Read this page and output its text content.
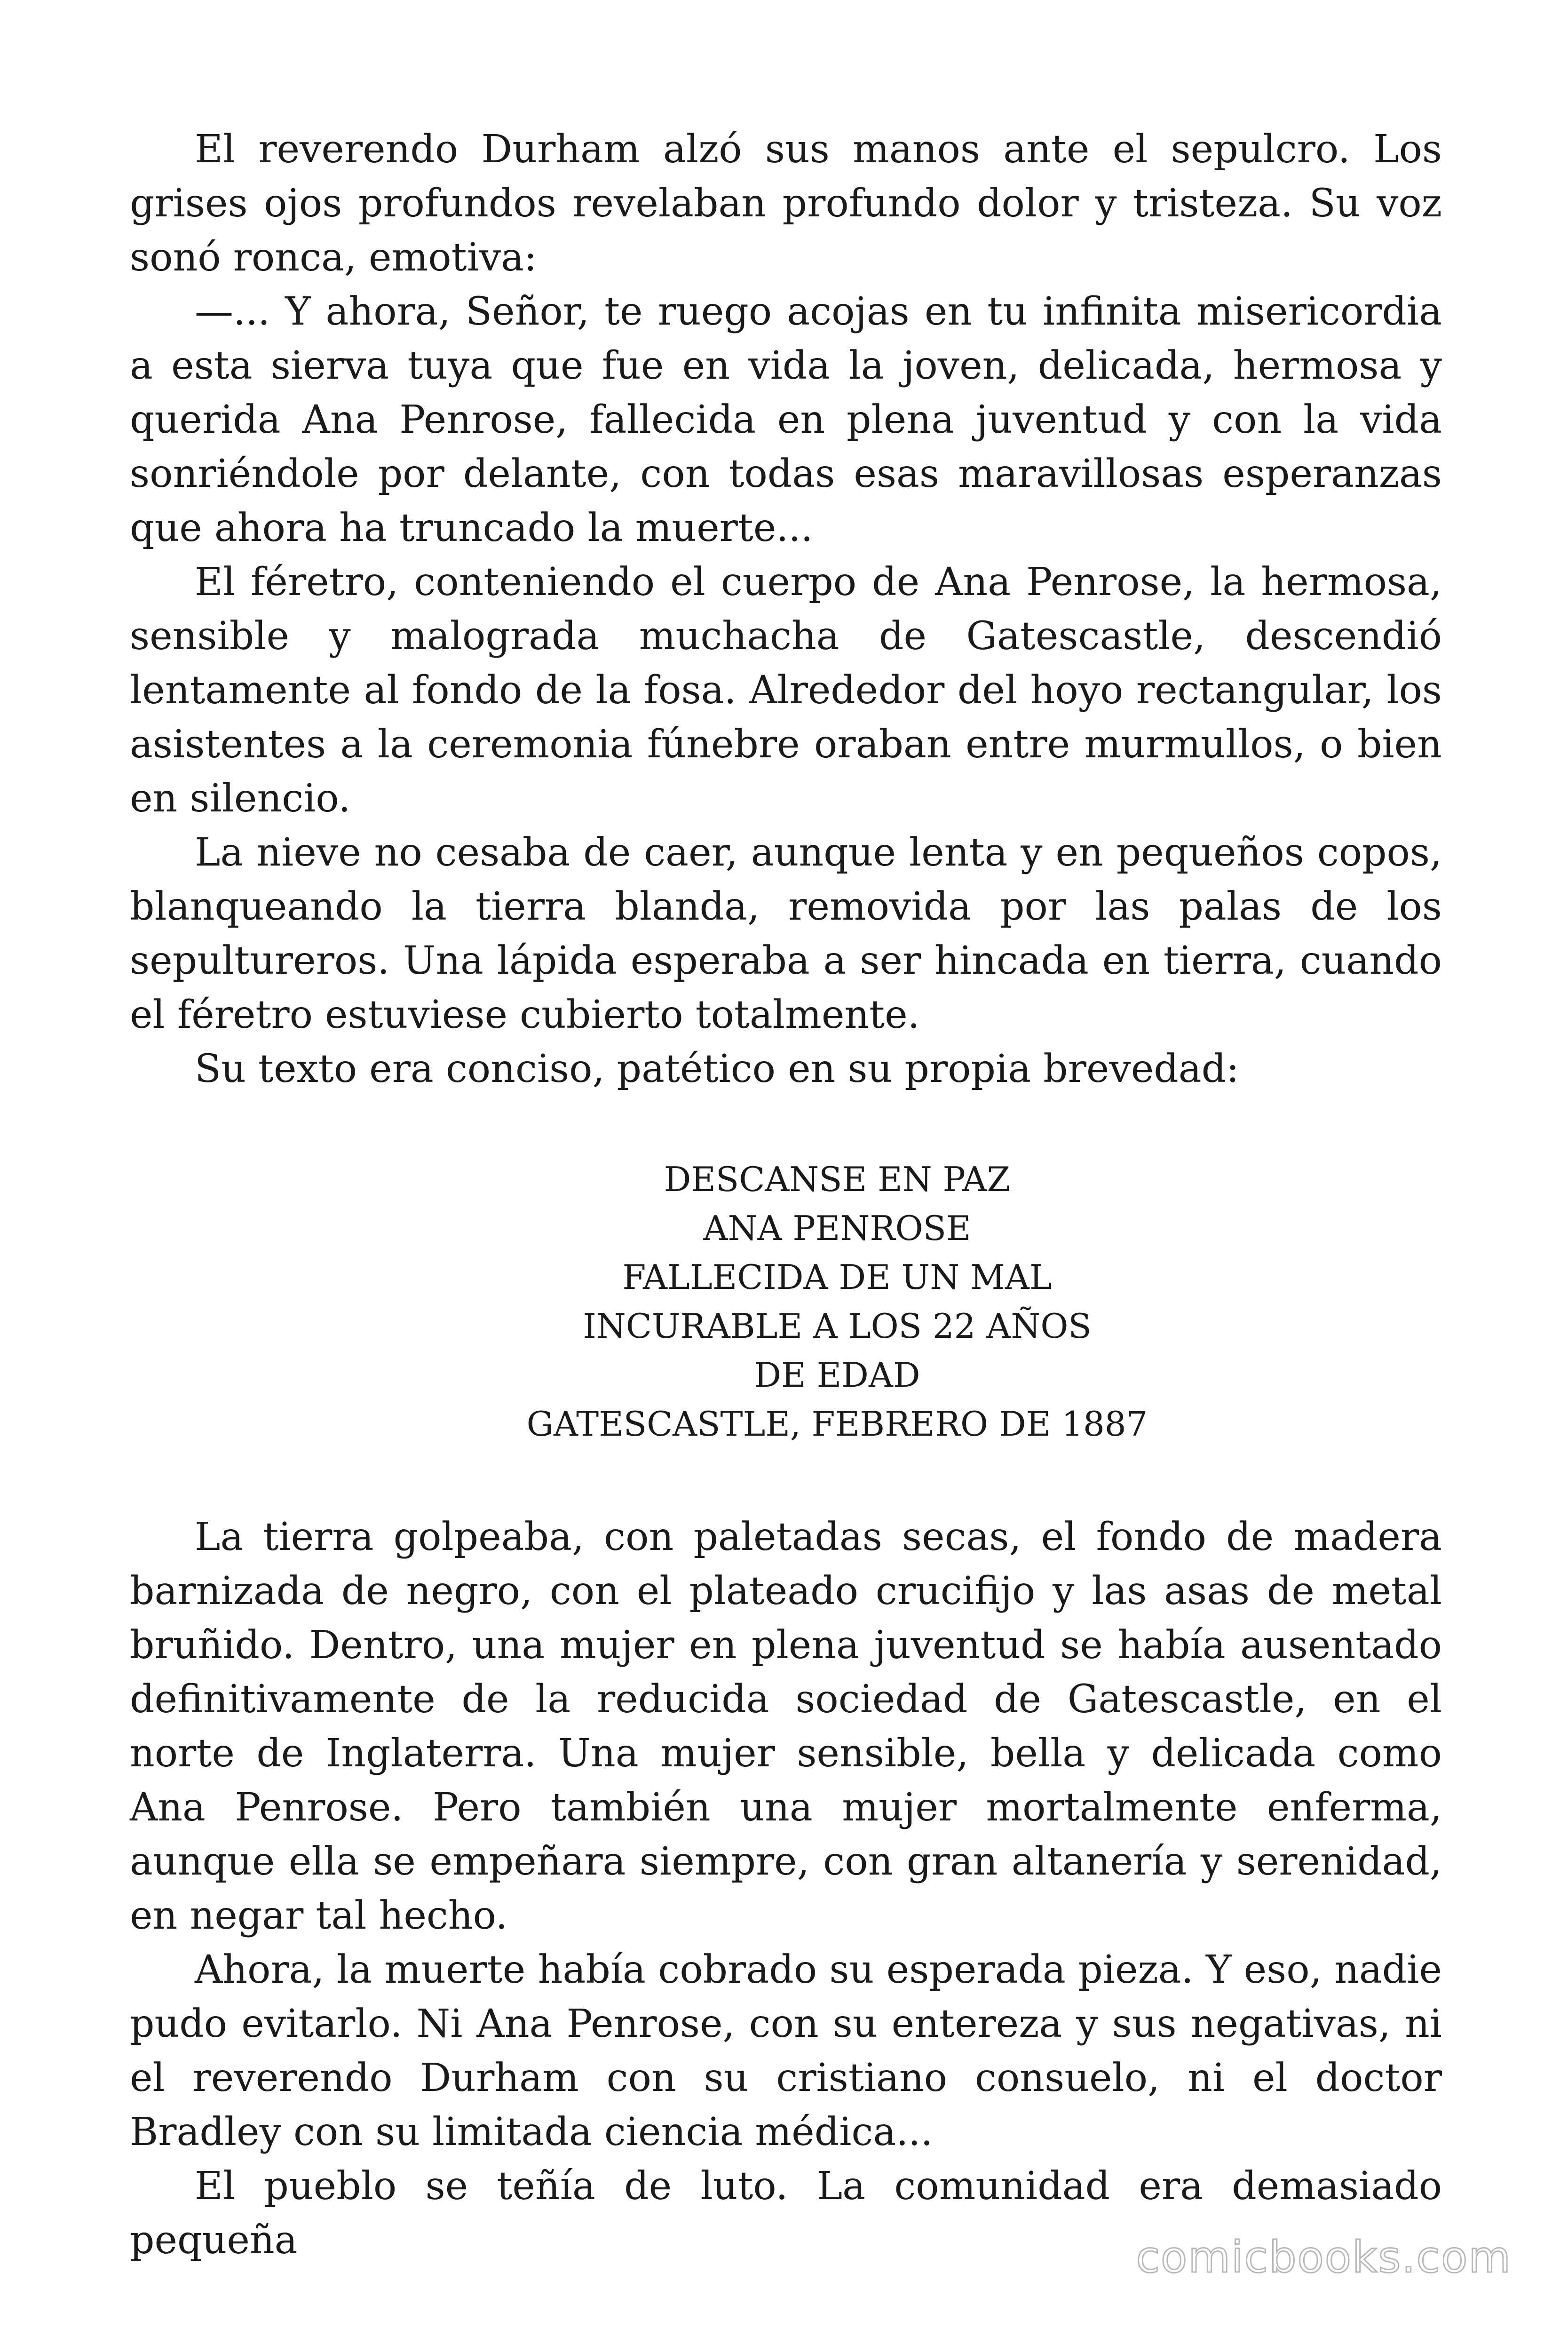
El reverendo Durham alzó sus manos ante el sepulcro. Los grises ojos profundos revelaban profundo dolor y tristeza. Su voz sonó ronca, emotiva:

—... Y ahora, Señor, te ruego acojas en tu infinita misericordia a esta sierva tuya que fue en vida la joven, delicada, hermosa y querida Ana Penrose, fallecida en plena juventud y con la vida sonriéndole por delante, con todas esas maravillosas esperanzas que ahora ha truncado la muerte...

El féretro, conteniendo el cuerpo de Ana Penrose, la hermosa, sensible y malograda muchacha de Gatescastle, descendió lentamente al fondo de la fosa. Alrededor del hoyo rectangular, los asistentes a la ceremonia fúnebre oraban entre murmullos, o bien en silencio.

La nieve no cesaba de caer, aunque lenta y en pequeños copos, blanqueando la tierra blanda, removida por las palas de los sepultureros. Una lápida esperaba a ser hincada en tierra, cuando el féretro estuviese cubierto totalmente.

Su texto era conciso, patético en su propia brevedad:

DESCANSE EN PAZ
ANA PENROSE
FALLECIDA DE UN MAL
INCURABLE A LOS 22 AÑOS
DE EDAD
GATESCASTLE, FEBRERO DE 1887

La tierra golpeaba, con paletadas secas, el fondo de madera barnizada de negro, con el plateado crucifijo y las asas de metal bruñido. Dentro, una mujer en plena juventud se había ausentado definitivamente de la reducida sociedad de Gatescastle, en el norte de Inglaterra. Una mujer sensible, bella y delicada como Ana Penrose. Pero también una mujer mortalmente enferma, aunque ella se empeñara siempre, con gran altanería y serenidad, en negar tal hecho.

Ahora, la muerte había cobrado su esperada pieza. Y eso, nadie pudo evitarlo. Ni Ana Penrose, con su entereza y sus negativas, ni el reverendo Durham con su cristiano consuelo, ni el doctor Bradley con su limitada ciencia médica...

El pueblo se teñía de luto. La comunidad era demasiado pequeña	comicbooks.com
